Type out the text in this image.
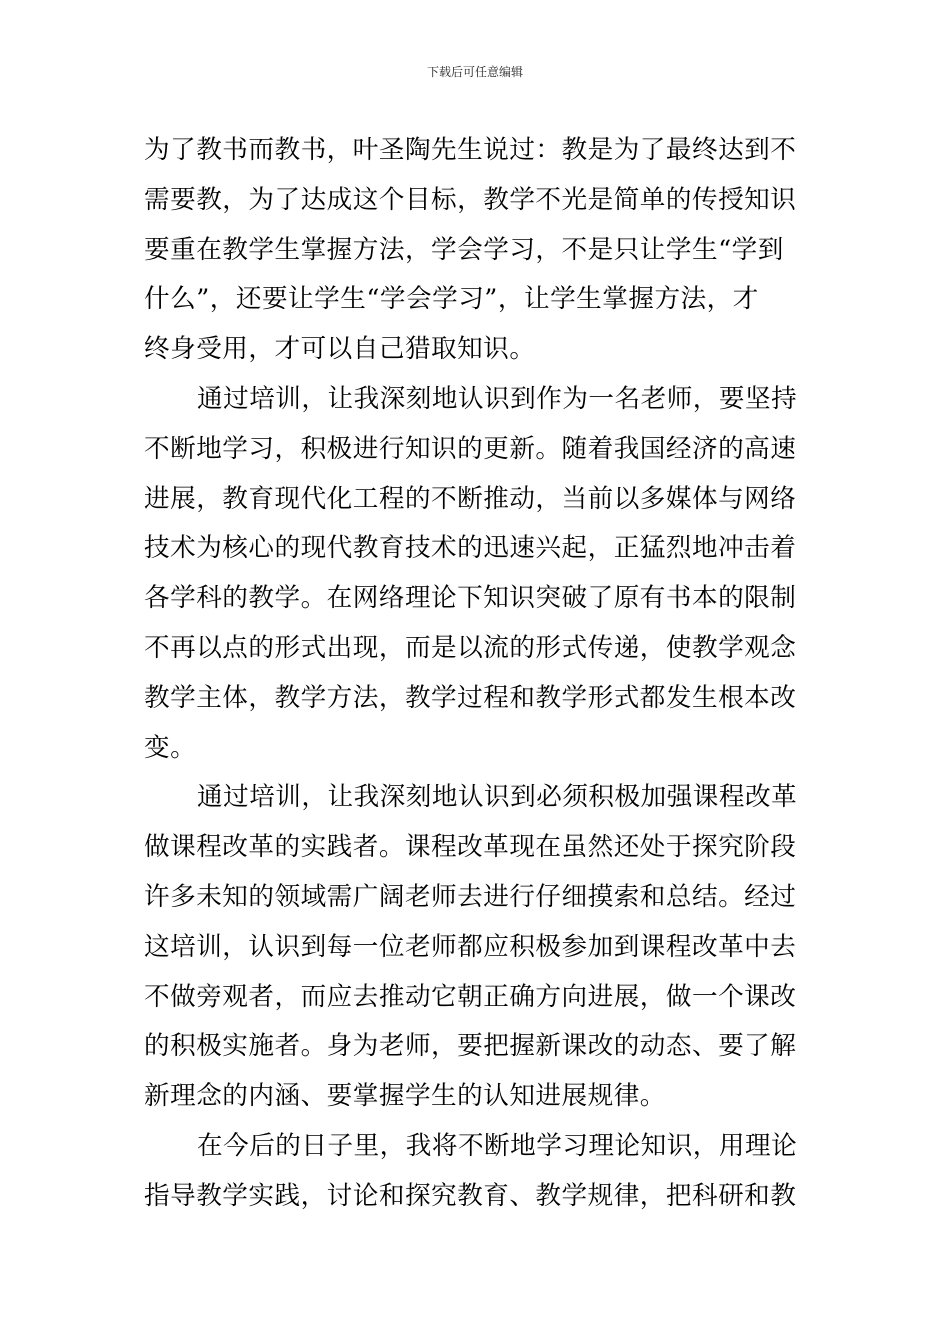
下载后可任意编辑

为了教书而教书，叶圣陶先生说过：教是为了最终达到不
需要教，为了达成这个目标，教学不光是简单的传授知识
要重在教学生掌握方法，学会学习，不是只让学生“学到
什么”，还要让学生“学会学习”，让学生掌握方法，才
终身受用，才可以自己猎取知识。

通过培训，让我深刻地认识到作为一名老师，要坚持
不断地学习，积极进行知识的更新。随着我国经济的高速
进展，教育现代化工程的不断推动，当前以多媒体与网络
技术为核心的现代教育技术的迅速兴起，正猛烈地冲击着
各学科的教学。在网络理论下知识突破了原有书本的限制
不再以点的形式出现，而是以流的形式传递，使教学观念
教学主体，教学方法，教学过程和教学形式都发生根本改
变。

通过培训，让我深刻地认识到必须积极加强课程改革
做课程改革的实践者。课程改革现在虽然还处于探究阶段
许多未知的领域需广阔老师去进行仔细摸索和总结。经过
这培训，认识到每一位老师都应积极参加到课程改革中去
不做旁观者，而应去推动它朝正确方向进展，做一个课改
的积极实施者。身为老师，要把握新课改的动态、要了解
新理念的内涵、要掌握学生的认知进展规律。

在今后的日子里，我将不断地学习理论知识，用理论
指导教学实践，讨论和探究教育、教学规律，把科研和教
